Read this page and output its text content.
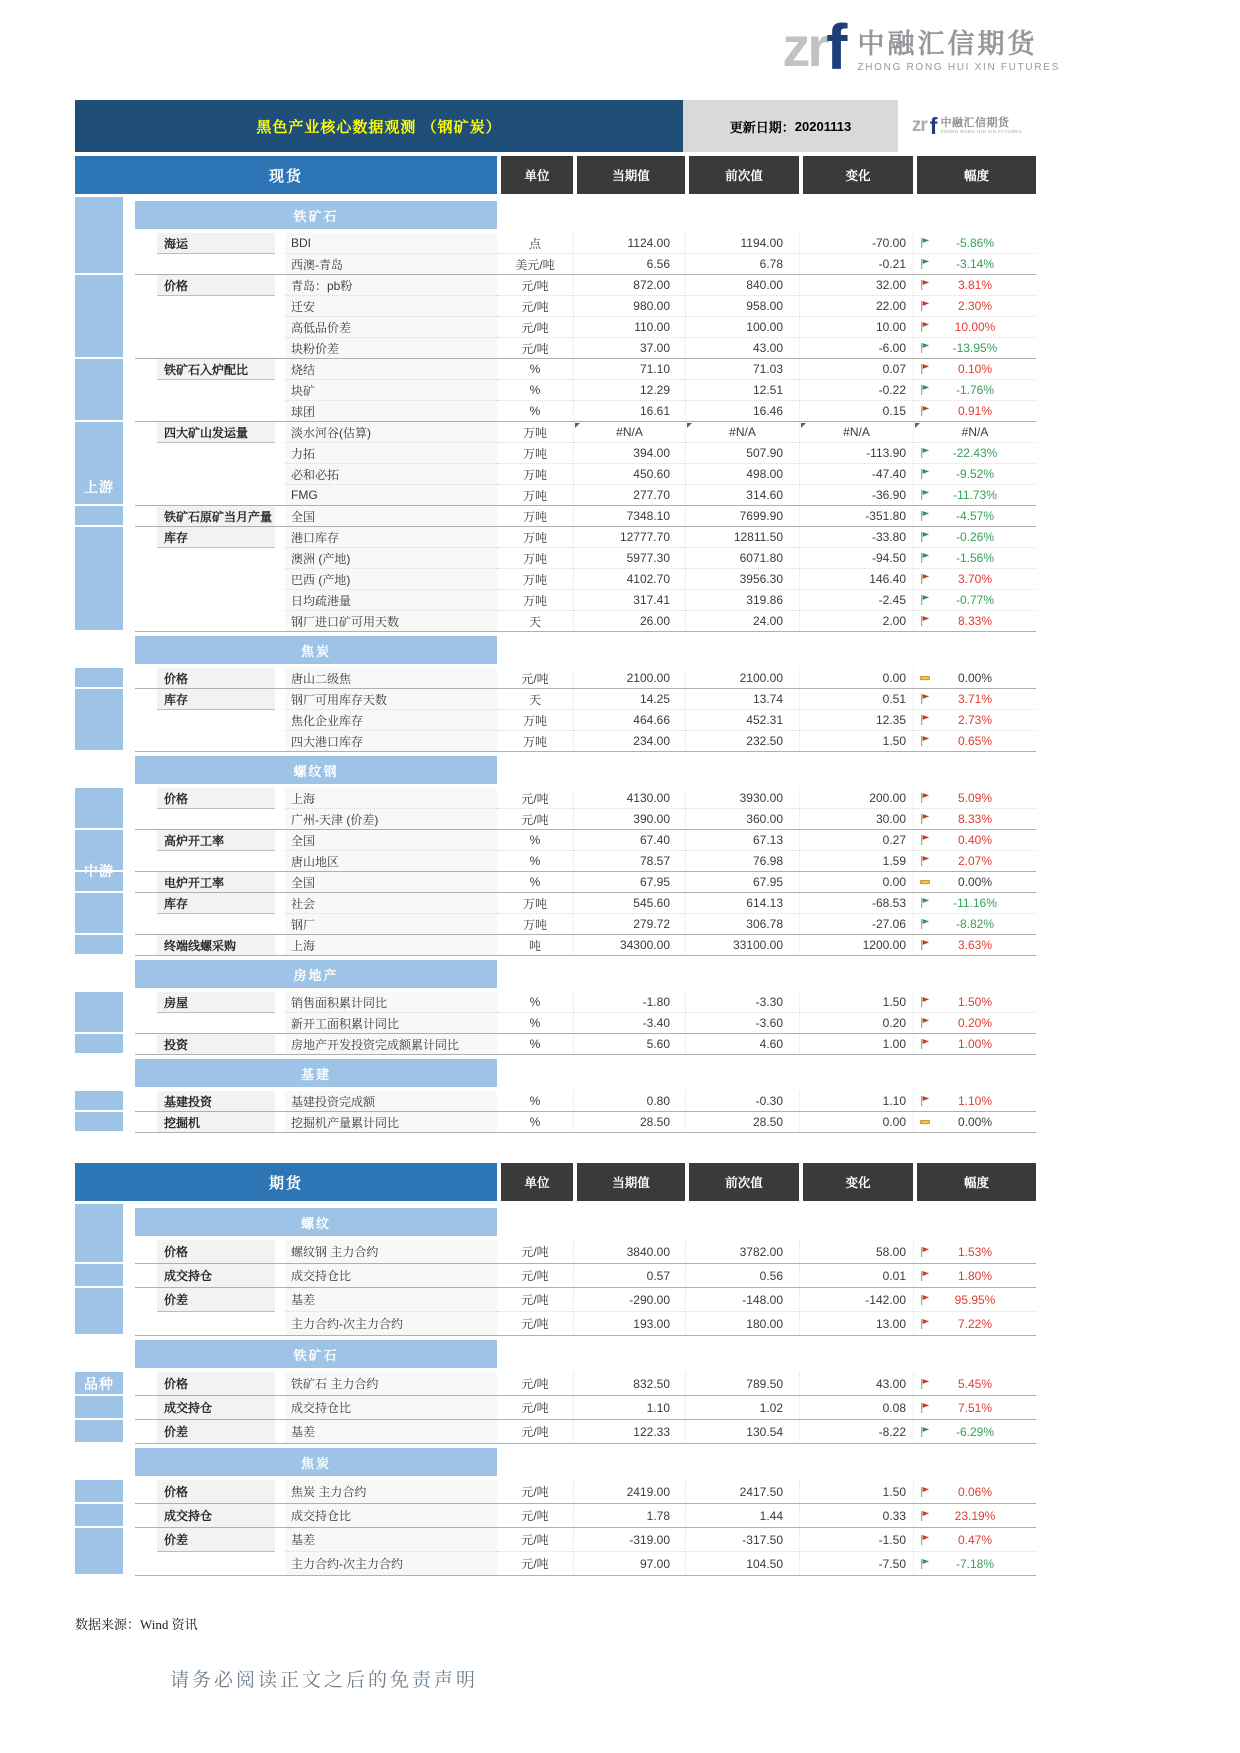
zr f 中融汇信期货
ZHONG RONG HUI XIN FUTURES
黑色产业核心数据观测 （钢矿炭）	更新日期： 20201113	zr f 中融汇信期货
ZHONG RONG HUI XIN FUTURES
现货	单位	当期值	前次值	变化	幅度
铁矿石
海运	BDI	点	1124.00	1194.00	-70.00	-5.86%
西澳-青岛	美元/吨	6.56	6.78	-0.21	-3.14%
价格	青岛：pb粉	元/吨	872.00	840.00	32.00	3.81%
迁安	元/吨	980.00	958.00	22.00	2.30%
高低品价差	元/吨	110.00	100.00	10.00	10.00%
块粉价差	元/吨	37.00	43.00	-6.00	-13.95%
铁矿石入炉配比	烧结	%	71.10	71.03	0.07	0.10%
块矿	%	12.29	12.51	-0.22	-1.76%
球团	%	16.61	16.46	0.15	0.91%
四大矿山发运量	淡水河谷(估算)	万吨	#N/A	#N/A	#N/A	#N/A
力拓	万吨	394.00	507.90	-113.90	-22.43%
必和必拓	万吨	450.60	498.00	-47.40	-9.52%
FMG	万吨	277.70	314.60	-36.90	-11.73%
铁矿石原矿当月产量	全国	万吨	7348.10	7699.90	-351.80	-4.57%
库存	港口库存	万吨	12777.70	12811.50	-33.80	-0.26%
澳洲 (产地)	万吨	5977.30	6071.80	-94.50	-1.56%
巴西 (产地)	万吨	4102.70	3956.30	146.40	3.70%
日均疏港量	万吨	317.41	319.86	-2.45	-0.77%
钢厂进口矿可用天数	天	26.00	24.00	2.00	8.33%
焦炭
价格	唐山二级焦	元/吨	2100.00	2100.00	0.00	0.00%
库存	钢厂可用库存天数	天	14.25	13.74	0.51	3.71%
焦化企业库存	万吨	464.66	452.31	12.35	2.73%
四大港口库存	万吨	234.00	232.50	1.50	0.65%
螺纹钢
价格	上海	元/吨	4130.00	3930.00	200.00	5.09%
广州-天津 (价差)	元/吨	390.00	360.00	30.00	8.33%
高炉开工率	全国	%	67.40	67.13	0.27	0.40%
唐山地区	%	78.57	76.98	1.59	2.07%
电炉开工率	全国	%	67.95	67.95	0.00	0.00%
库存	社会	万吨	545.60	614.13	-68.53	-11.16%
钢厂	万吨	279.72	306.78	-27.06	-8.82%
终端线螺采购	上海	吨	34300.00	33100.00	1200.00	3.63%
房地产
房屋	销售面积累计同比	%	-1.80	-3.30	1.50	1.50%
新开工面积累计同比	%	-3.40	-3.60	0.20	0.20%
投资	房地产开发投资完成额累计同比	%	5.60	4.60	1.00	1.00%
基建
基建投资	基建投资完成额	%	0.80	-0.30	1.10	1.10%
挖掘机	挖掘机产量累计同比	%	28.50	28.50	0.00	0.00%
上游
中游
期货	单位	当期值	前次值	变化	幅度
螺纹
价格	螺纹钢 主力合约	元/吨	3840.00	3782.00	58.00	1.53%
成交持仓	成交持仓比	元/吨	0.57	0.56	0.01	1.80%
价差	基差	元/吨	-290.00	-148.00	-142.00	95.95%
主力合约-次主力合约	元/吨	193.00	180.00	13.00	7.22%
铁矿石
价格	铁矿石 主力合约	元/吨	832.50	789.50	43.00	5.45%
成交持仓	成交持仓比	元/吨	1.10	1.02	0.08	7.51%
价差	基差	元/吨	122.33	130.54	-8.22	-6.29%
焦炭
价格	焦炭 主力合约	元/吨	2419.00	2417.50	1.50	0.06%
成交持仓	成交持仓比	元/吨	1.78	1.44	0.33	23.19%
价差	基差	元/吨	-319.00	-317.50	-1.50	0.47%
主力合约-次主力合约	元/吨	97.00	104.50	-7.50	-7.18%
品种
数据来源：Wind 资讯
请务必阅读正文之后的免责声明
